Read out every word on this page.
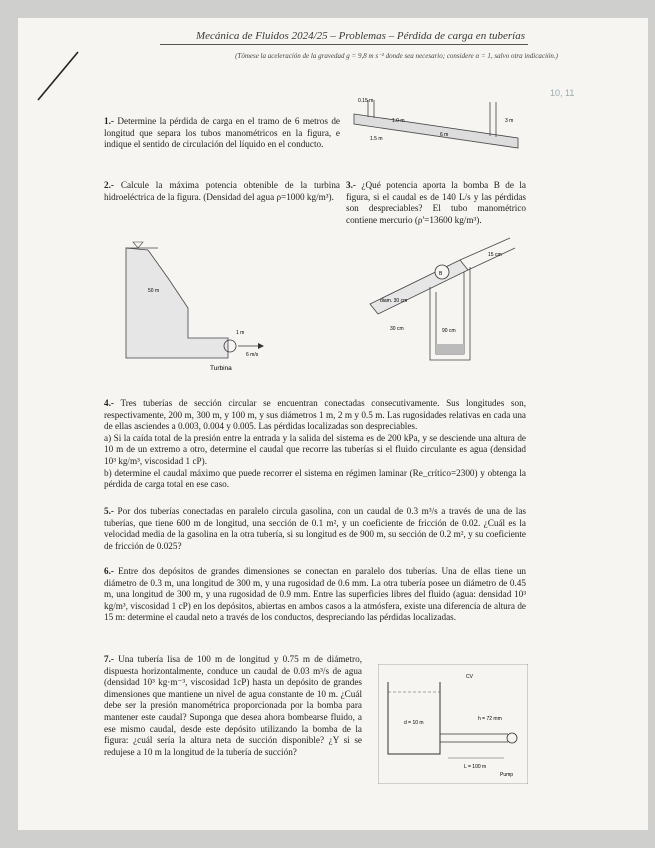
Mecánica de Fluidos 2024/25 – Problemas – Pérdida de carga en tuberías
(Tómese la aceleración de la gravedad g = 9,8 m s⁻² donde sea necesario; considere α = 1, salvo otra indicación.)
10, 11
1.- Determine la pérdida de carga en el tramo de 6 metros de longitud que separa los tubos manométricos en la figura, e indique el sentido de circulación del líquido en el conducto.
0.15 m
1.0 m	3 m
6 m
1.5 m
2.- Calcule la máxima potencia obtenible de la turbina hidroeléctrica de la figura. (Densidad del agua ρ=1000 kg/m³).
3.- ¿Qué potencia aporta la bomba B de la figura, si el caudal es de 140 L/s y las pérdidas son despreciables? El tubo manométrico contiene mercurio (ρ'=13600 kg/m³).
50 m
1 m
6 m/s
Turbina
B
15 cm
diam. 30 cm
30 cm	90 cm
4.- Tres tuberías de sección circular se encuentran conectadas consecutivamente. Sus longitudes son, respectivamente, 200 m, 300 m, y 100 m, y sus diámetros 1 m, 2 m y 0.5 m. Las rugosidades relativas en cada una de ellas asciendes a 0.003, 0.004 y 0.005. Las pérdidas localizadas son despreciables.
a) Si la caída total de la presión entre la entrada y la salida del sistema es de 200 kPa, y se desciende una altura de 10 m de un extremo a otro, determine el caudal que recorre las tuberías si el fluido circulante es agua (densidad 10³ kg/m³, viscosidad 1 cP).
b) determine el caudal máximo que puede recorrer el sistema en régimen laminar (Re_crítico=2300) y obtenga la pérdida de carga total en ese caso.
5.- Por dos tuberías conectadas en paralelo circula gasolina, con un caudal de 0.3 m³/s a través de una de las tuberías, que tiene 600 m de longitud, una sección de 0.1 m², y un coeficiente de fricción de 0.02. ¿Cuál es la velocidad media de la gasolina en la otra tubería, si su longitud es de 900 m, su sección de 0.2 m², y su coeficiente de fricción de 0.025?
6.- Entre dos depósitos de grandes dimensiones se conectan en paralelo dos tuberías. Una de ellas tiene un diámetro de 0.3 m, una longitud de 300 m, y una rugosidad de 0.6 mm. La otra tubería posee un diámetro de 0.45 m, una longitud de 300 m, y una rugosidad de 0.9 mm. Entre las superficies libres del fluido (agua: densidad 10³ kg/m³, viscosidad 1 cP) en los depósitos, abiertas en ambos casos a la atmósfera, existe una diferencia de altura de 15 m: determine el caudal neto a través de los conductos, despreciando las pérdidas localizadas.
7.- Una tubería lisa de 100 m de longitud y 0.75 m de diámetro, dispuesta horizontalmente, conduce un caudal de 0.03 m³/s de agua (densidad 10³ kg·m⁻³, viscosidad 1cP) hasta un depósito de grandes dimensiones que mantiene un nivel de agua constante de 10 m. ¿Cuál debe ser la presión manométrica proporcionada por la bomba para mantener este caudal? Suponga que desea ahora bombearse fluido, a ese mismo caudal, desde este depósito utilizando la bomba de la figura: ¿cuál sería la altura neta de succión disponible? ¿Y si se redujese a 10 m la longitud de la tubería de succión?
CV
d = 10 m
h = 72 mm
L = 100 m
Pump
